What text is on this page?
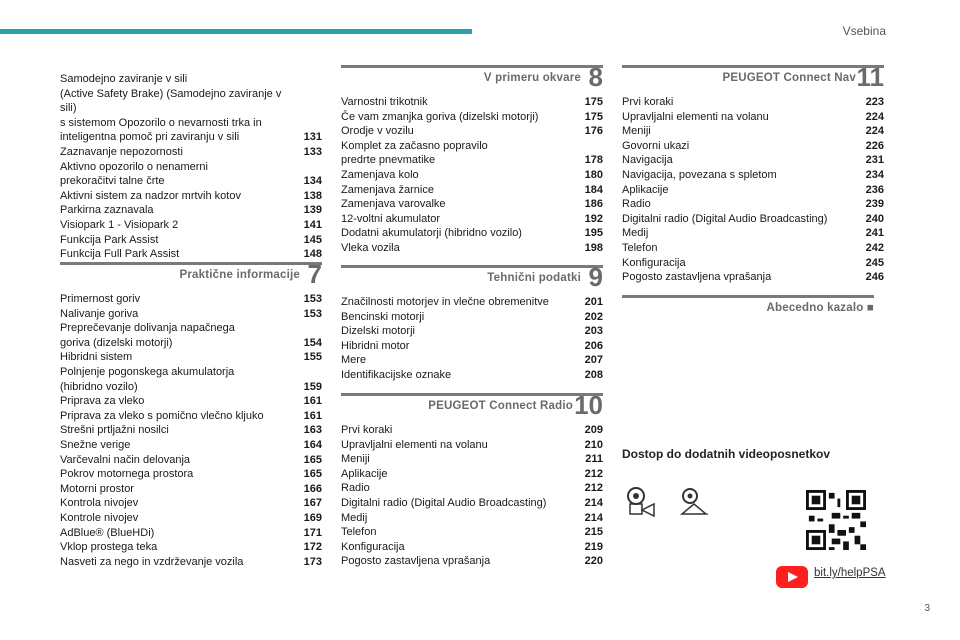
Vsebina
Samodejno zaviranje v sili
(Active Safety Brake) (Samodejno zaviranje v sili)
s sistemom Opozorilo o nevarnosti trka in
inteligentna pomoč pri zaviranju v sili	131
Zaznavanje nepozornosti	133
Aktivno opozorilo o nenamerni
prekoračitvi talne črte	134
Aktivni sistem za nadzor mrtvih kotov	138
Parkirna zaznavala	139
Visiopark 1 - Visiopark 2	141
Funkcija Park Assist	145
Funkcija Full Park Assist	148
Praktične informacije 7
Primernost goriv	153
Nalivanje goriva	153
Preprečevanje dolivanja napačnega
goriva (dizelski motorji)	154
Hibridni sistem	155
Polnjenje pogonskega akumulatorja
(hibridno vozilo)	159
Priprava za vleko	161
Priprava za vleko s pomično vlečno kljuko	161
Strešni prtljažni nosilci	163
Snežne verige	164
Varčevalni način delovanja	165
Pokrov motornega prostora	165
Motorni prostor	166
Kontrola nivojev	167
Kontrole nivojev	169
AdBlue® (BlueHDi)	171
Vklop prostega teka	172
Nasveti za nego in vzdrževanje vozila	173
V primeru okvare 8
Varnostni trikotnik	175
Če vam zmanjka goriva (dizelski motorji)	175
Orodje v vozilu	176
Komplet za začasno popravilo
predrte pnevmatike	178
Zamenjava kolo	180
Zamenjava žarnice	184
Zamenjava varovalke	186
12-voltni akumulator	192
Dodatni akumulatorji (hibridno vozilo)	195
Vleka vozila	198
Tehnični podatki 9
Značilnosti motorjev in vlečne obremenitve	201
Bencinski motorji	202
Dizelski motorji	203
Hibridni motor	206
Mere	207
Identifikacijske oznake	208
PEUGEOT Connect Radio 10
Prvi koraki	209
Upravljalni elementi na volanu	210
Meniji	211
Aplikacije	212
Radio	212
Digitalni radio (Digital Audio Broadcasting)	214
Medij	214
Telefon	215
Konfiguracija	219
Pogosto zastavljena vprašanja	220
PEUGEOT Connect Nav 11
Prvi koraki	223
Upravljalni elementi na volanu	224
Meniji	224
Govorni ukazi	226
Navigacija	231
Navigacija, povezana s spletom	234
Aplikacije	236
Radio	239
Digitalni radio (Digital Audio Broadcasting)	240
Medij	241
Telefon	242
Konfiguracija	245
Pogosto zastavljena vprašanja	246
Abecedno kazalo ■
Dostop do dodatnih videoposnetkov
bit.ly/helpPSA
3
